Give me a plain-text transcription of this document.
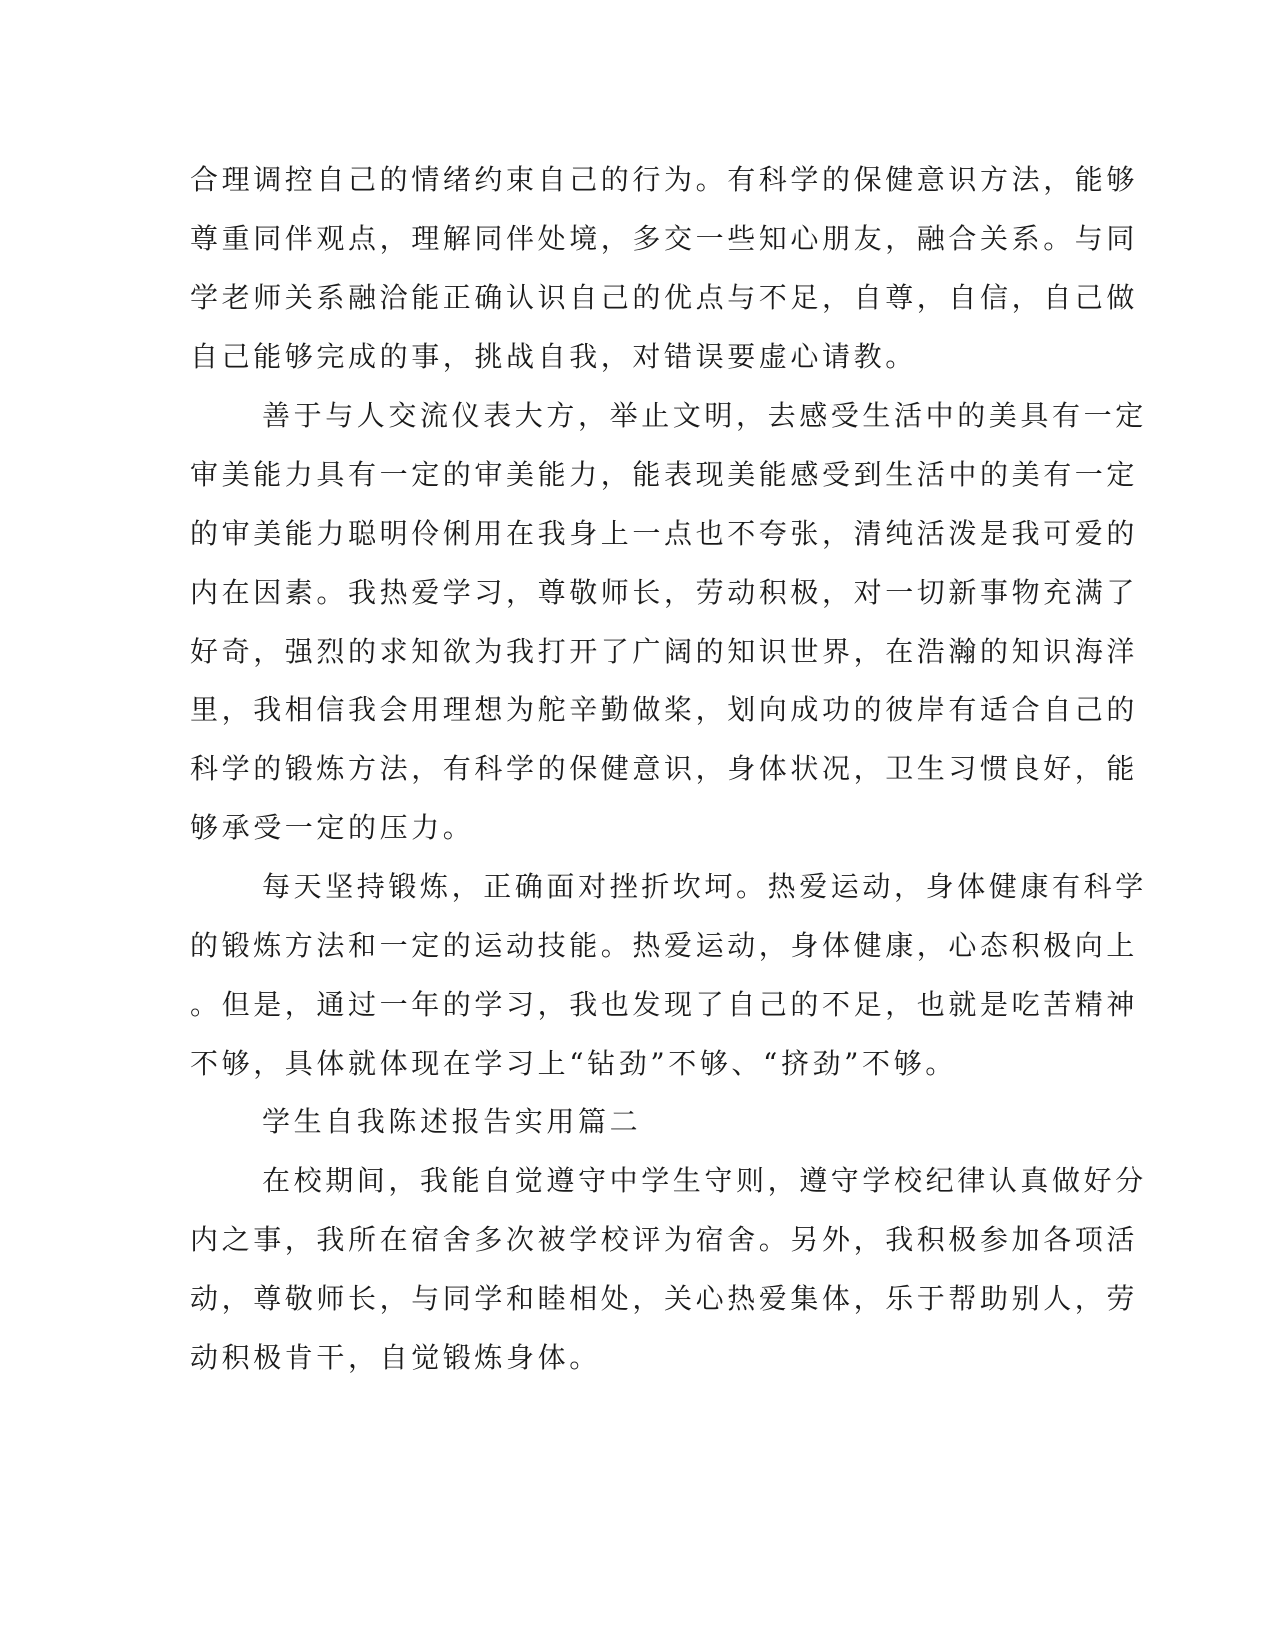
合理调控自己的情绪约束自己的行为。有科学的保健意识方法，能够
尊重同伴观点，理解同伴处境，多交一些知心朋友，融合关系。与同
学老师关系融洽能正确认识自己的优点与不足，自尊，自信，自己做
自己能够完成的事，挑战自我，对错误要虚心请教。
善于与人交流仪表大方，举止文明，去感受生活中的美具有一定
审美能力具有一定的审美能力，能表现美能感受到生活中的美有一定
的审美能力聪明伶俐用在我身上一点也不夸张，清纯活泼是我可爱的
内在因素。我热爱学习，尊敬师长，劳动积极，对一切新事物充满了
好奇，强烈的求知欲为我打开了广阔的知识世界，在浩瀚的知识海洋
里，我相信我会用理想为舵辛勤做桨，划向成功的彼岸有适合自己的
科学的锻炼方法，有科学的保健意识，身体状况，卫生习惯良好，能
够承受一定的压力。
每天坚持锻炼，正确面对挫折坎坷。热爱运动，身体健康有科学
的锻炼方法和一定的运动技能。热爱运动，身体健康，心态积极向上
。但是，通过一年的学习，我也发现了自己的不足，也就是吃苦精神
不够，具体就体现在学习上“钻劲”不够、“挤劲”不够。
学生自我陈述报告实用篇二
在校期间，我能自觉遵守中学生守则，遵守学校纪律认真做好分
内之事，我所在宿舍多次被学校评为宿舍。另外，我积极参加各项活
动，尊敬师长，与同学和睦相处，关心热爱集体，乐于帮助别人，劳
动积极肯干，自觉锻炼身体。
